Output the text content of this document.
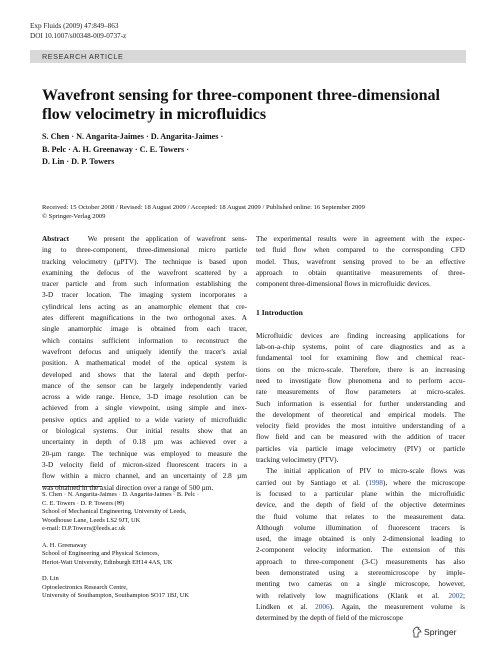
Exp Fluids (2009) 47:849–863
DOI 10.1007/s00348-009-0737-z
RESEARCH ARTICLE
Wavefront sensing for three-component three-dimensional
flow velocimetry in microfluidics
S. Chen · N. Angarita-Jaimes · D. Angarita-Jaimes ·
B. Pelc · A. H. Greenaway · C. E. Towers ·
D. Lin · D. P. Towers
Received: 15 October 2008 / Revised: 18 August 2009 / Accepted: 18 August 2009 / Published online: 16 September 2009
© Springer-Verlag 2009
Abstract	We present the application of wavefront sens-
ing to three-component, three-dimensional micro particle
tracking velocimetry (µPTV). The technique is based upon
examining the defocus of the wavefront scattered by a
tracer particle and from such information establishing the
3-D tracer location. The imaging system incorporates a
cylindrical lens acting as an anamorphic element that cre-
ates different magnifications in the two orthogonal axes. A
single anamorphic image is obtained from each tracer,
which contains sufficient information to reconstruct the
wavefront defocus and uniquely identify the tracer's axial
position. A mathematical model of the optical system is
developed and shows that the lateral and depth perfor-
mance of the sensor can be largely independently varied
across a wide range. Hence, 3-D image resolution can be
achieved from a single viewpoint, using simple and inex-
pensive optics and applied to a wide variety of microfluidic
or biological systems. Our initial results show that an
uncertainty in depth of 0.18 µm was achieved over a
20-µm range. The technique was employed to measure the
3-D velocity field of micron-sized fluorescent tracers in a
flow within a micro channel, and an uncertainty of 2.8 µm
was obtained in the axial direction over a range of 500 µm.
S. Chen · N. Angarita-Jaimes · D. Angarita-Jaimes · B. Pelc ·
C. E. Towers · D. P. Towers (✉)
School of Mechanical Engineering, University of Leeds,
Woodhouse Lane, Leeds LS2 9JT, UK
e-mail: D.P.Towers@leeds.ac.uk
A. H. Greenaway
School of Engineering and Physical Sciences,
Heriot-Watt University, Edinburgh EH14 4AS, UK
D. Lin
Optoelectronics Research Centre,
University of Southampton, Southampton SO17 1BJ, UK
The experimental results were in agreement with the expec-
ted fluid flow when compared to the corresponding CFD
model. Thus, wavefront sensing proved to be an effective
approach to obtain quantitative measurements of three-
component three-dimensional flows in microfluidic devices.
1 Introduction
Microfluidic devices are finding increasing applications for
lab-on-a-chip systems, point of care diagnostics and as a
fundamental tool for examining flow and chemical reac-
tions on the micro-scale. Therefore, there is an increasing
need to investigate flow phenomena and to perform accu-
rate measurements of flow parameters at micro-scales.
Such information is essential for further understanding and
the development of theoretical and empirical models. The
velocity field provides the most intuitive understanding of a
flow field and can be measured with the addition of tracer
particles via particle image velocimetry (PIV) or particle
tracking velocimetry (PTV).
The initial application of PIV to micro-scale flows was
carried out by Santiago et al. (1998), where the microscope
is focused to a particular plane within the microfluidic
device, and the depth of field of the objective determines
the fluid volume that relates to the measurement data.
Although volume illumination of fluorescent tracers is
used, the image obtained is only 2-dimensional leading to
2-component velocity information. The extension of this
approach to three-component (3-C) measurements has also
been demonstrated using a stereomicroscope by imple-
menting two cameras on a single microscope, however,
with relatively low magnifications (Klank et al. 2002;
Lindken et al. 2006). Again, the measurement volume is
determined by the depth of field of the microscope
Springer
